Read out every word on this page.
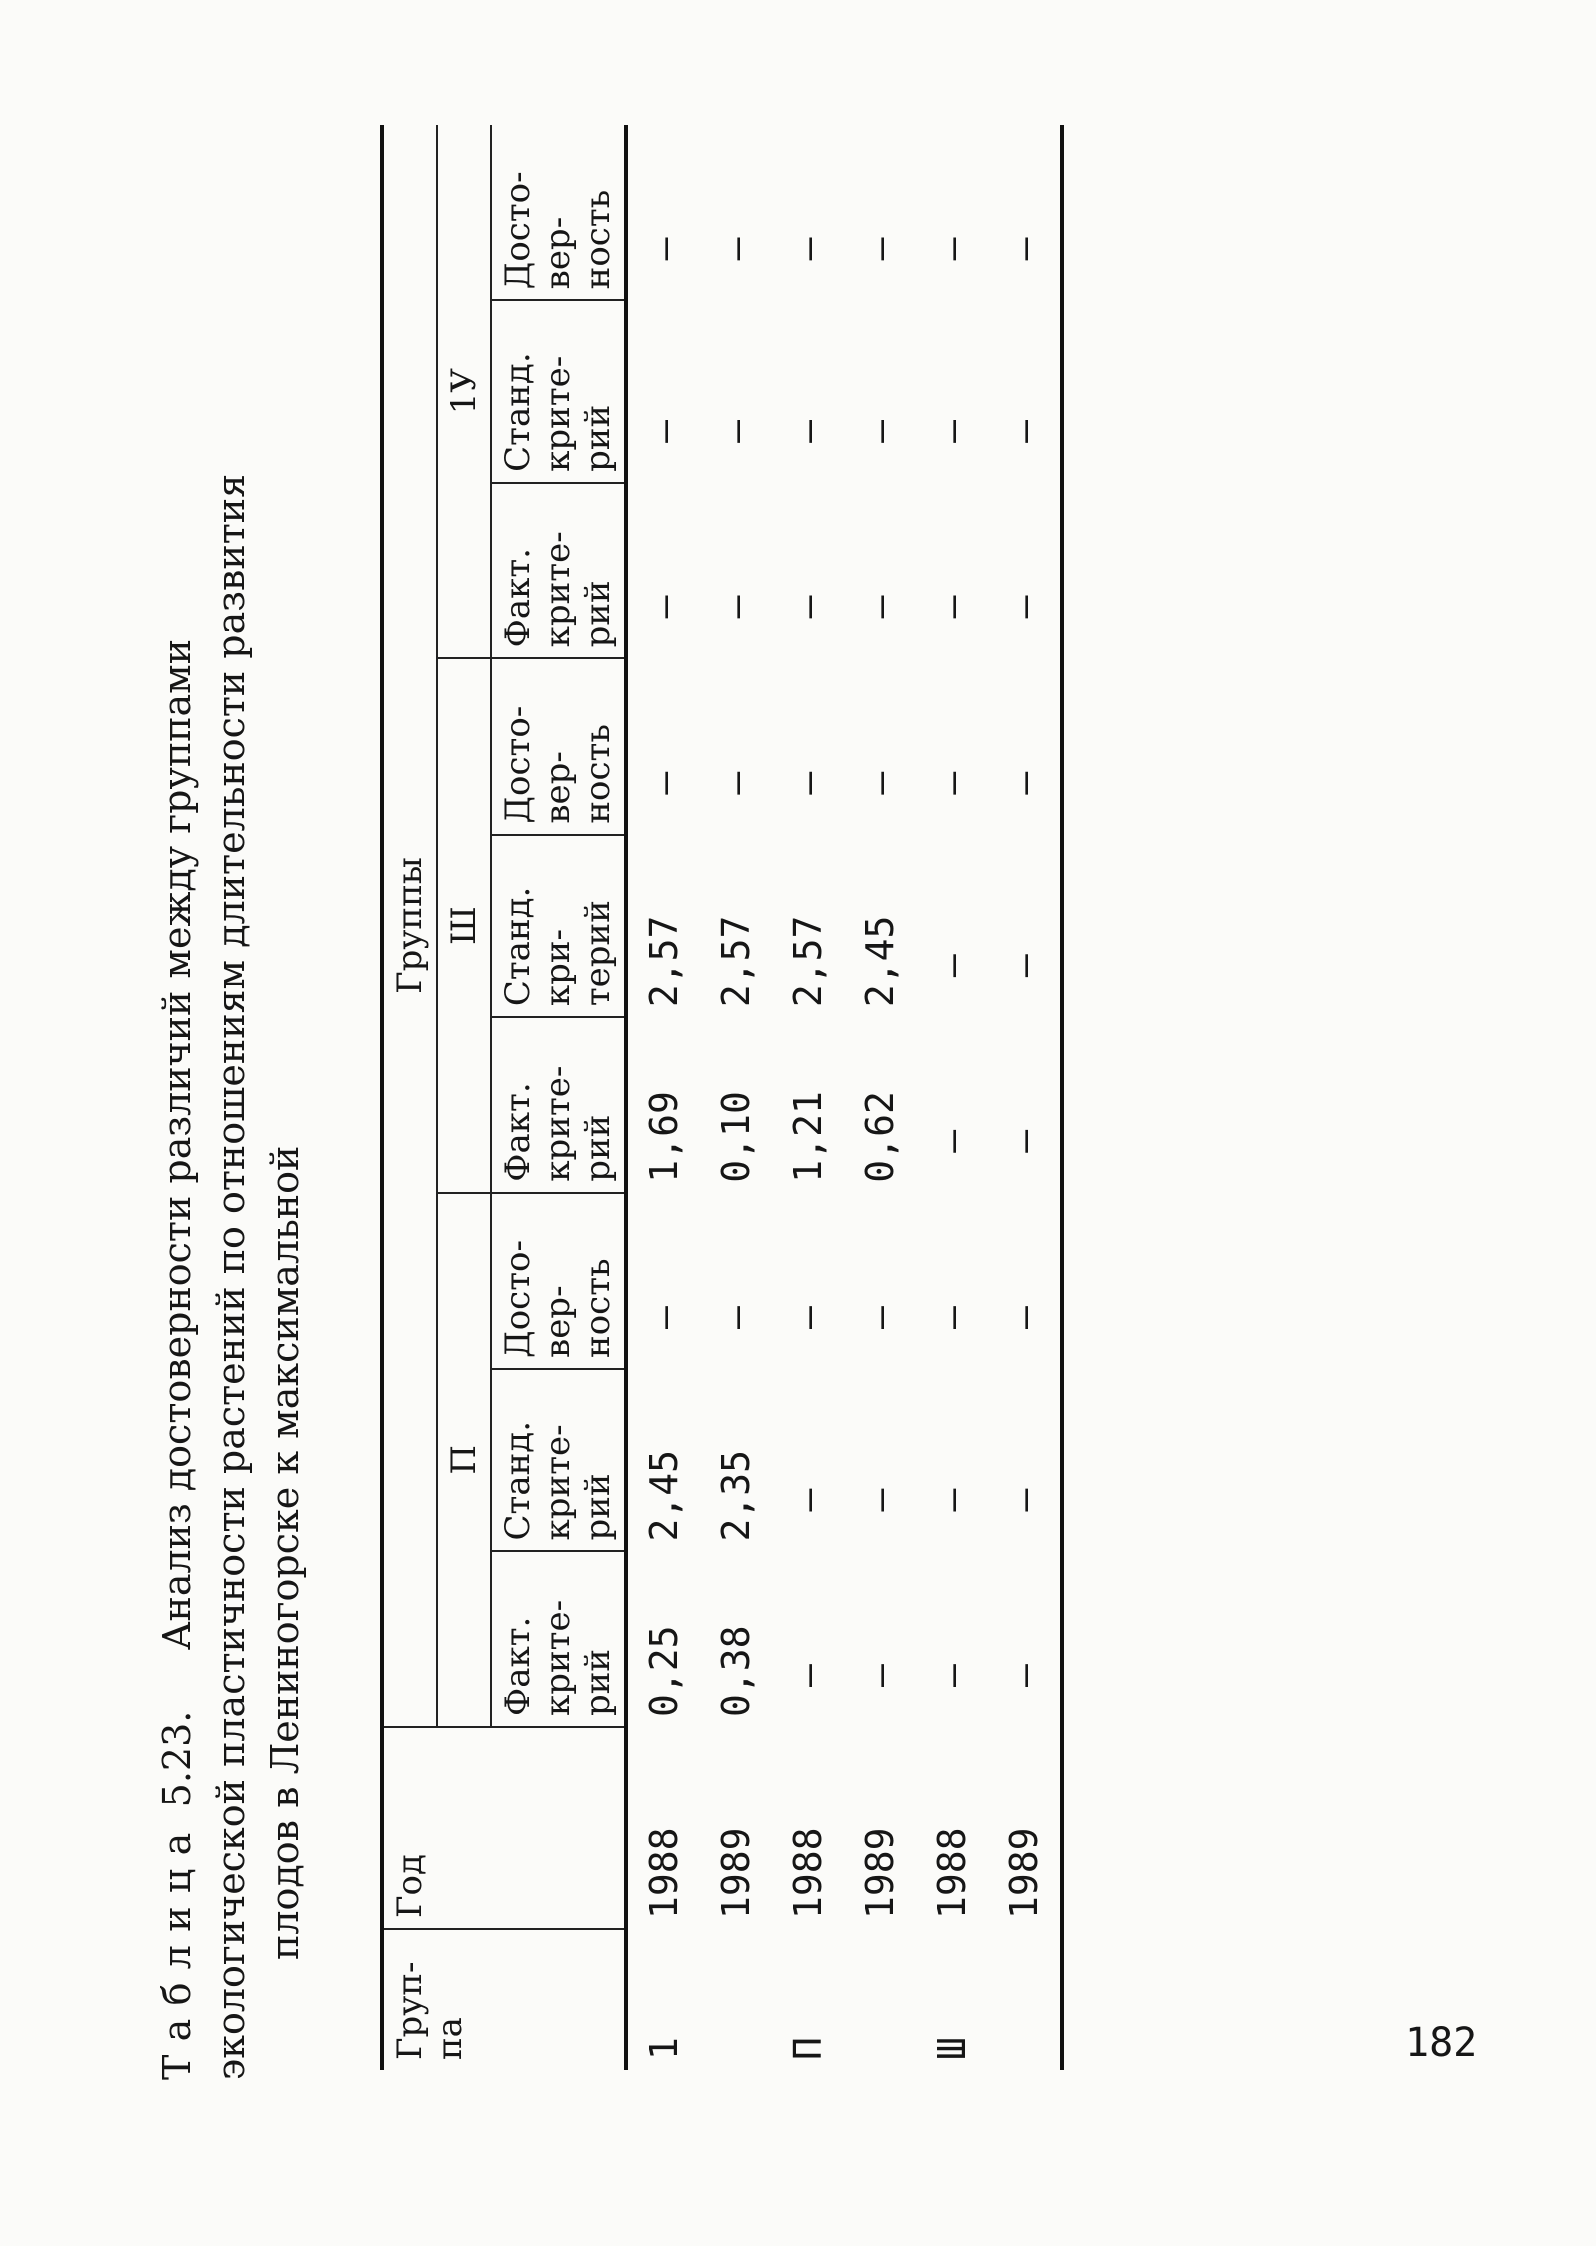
Таблица 5.23.     Анализ достоверности различий между группами экологической пластичности растений по отношениям длительности развития плодов в Лениногорске к максимальной
Груп-па	Год	Группы								
		П			Ш			1У		
		Факт. крите-рий	Станд. крите-рий	Досто-вер-ность	Факт. крите-рий	Станд. кри-терий	Досто-вер-ность	Факт. крите-рий	Станд. крите-рий	Досто-вер-ность
1	1988	0,25	2,45	–	1,69	2,57	–	–	–	–
	1989	0,38	2,35	–	0,10	2,57	–	–	–	–
П	1988	–	–	–	1,21	2,57	–	–	–	–
	1989	–	–	–	0,62	2,45	–	–	–	–
Ш	1988	–	–	–	–	–	–	–	–	–
	1989	–	–	–	–	–	–	–	–	–
182
